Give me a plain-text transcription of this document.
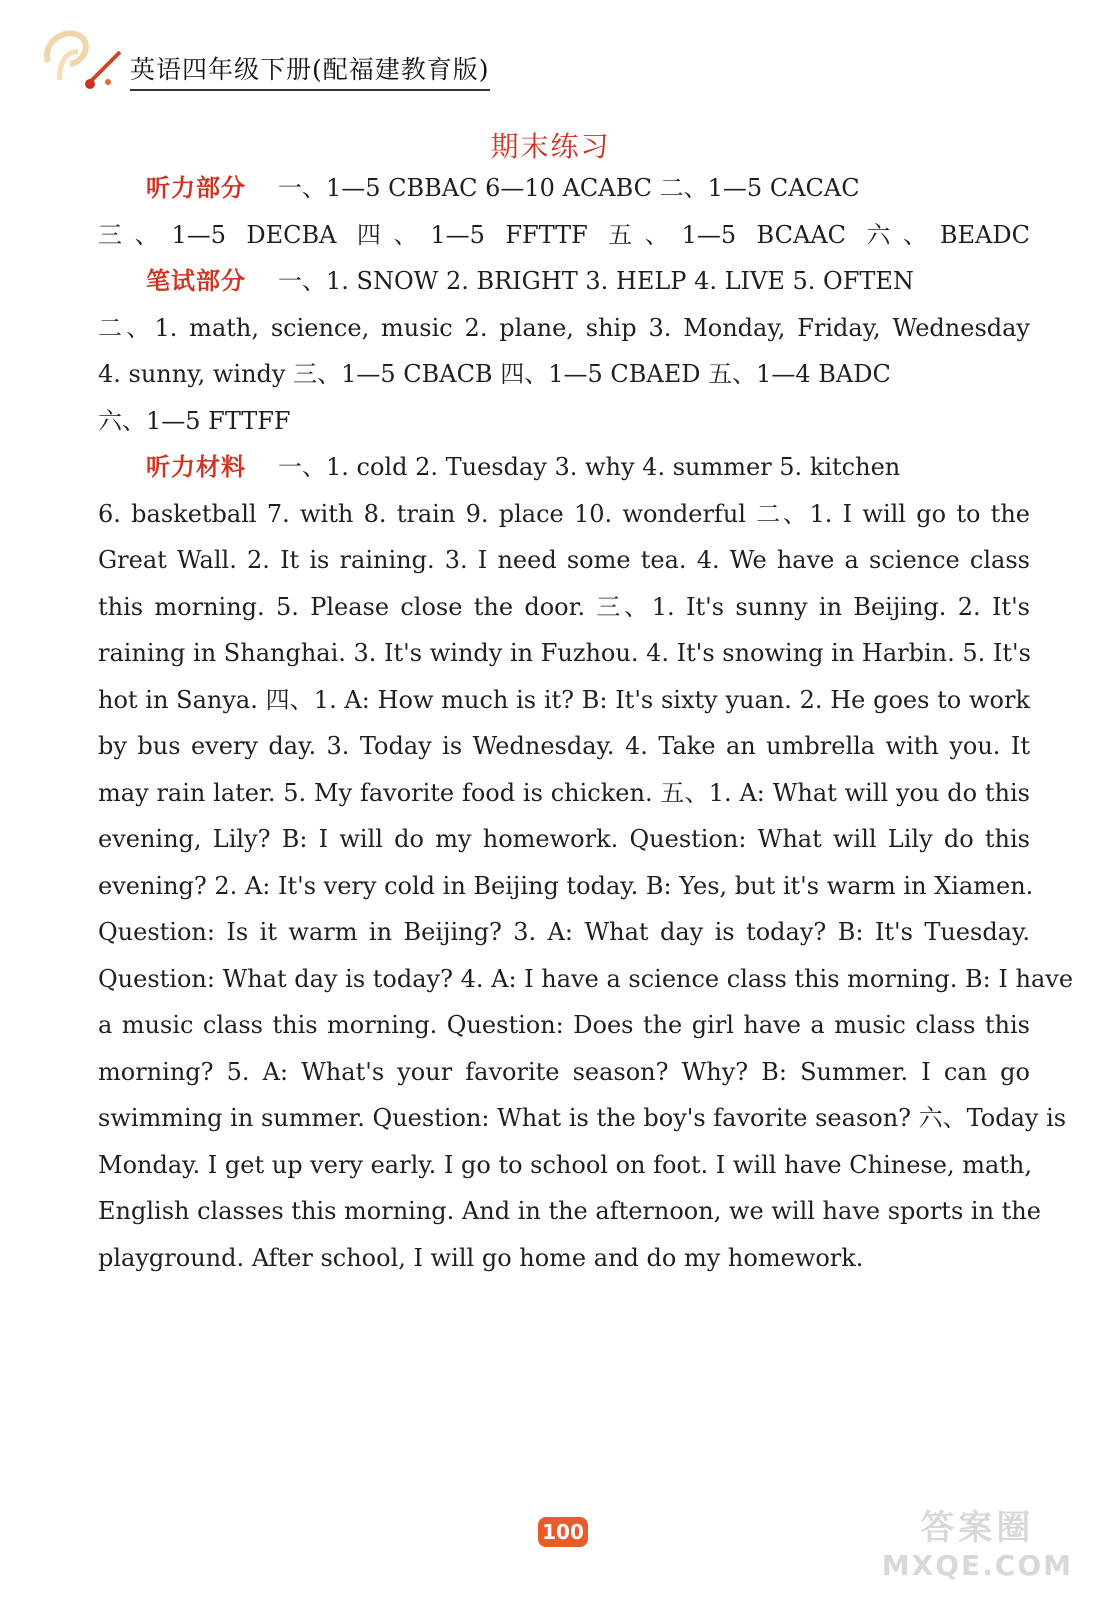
英语四年级下册(配福建教育版)
期末练习
听力部分 一、1—5 CBBAC 6—10 ACABC 二、1—5 CACAC
三、1—5 DECBA 四、1—5 FFTTF 五、1—5 BCAAC 六、BEADC
笔试部分 一、1. SNOW 2. BRIGHT 3. HELP 4. LIVE 5. OFTEN
二、1. math, science, music 2. plane, ship 3. Monday, Friday, Wednesday
4. sunny, windy 三、1—5 CBACB 四、1—5 CBAED 五、1—4 BADC
六、1—5 FTTFF
听力材料 一、1. cold 2. Tuesday 3. why 4. summer 5. kitchen
6. basketball 7. with 8. train 9. place 10. wonderful 二、1. I will go to the
Great Wall. 2. It is raining. 3. I need some tea. 4. We have a science class
this morning. 5. Please close the door. 三、1. It's sunny in Beijing. 2. It's
raining in Shanghai. 3. It's windy in Fuzhou. 4. It's snowing in Harbin. 5. It's
hot in Sanya. 四、1. A: How much is it? B: It's sixty yuan. 2. He goes to work
by bus every day. 3. Today is Wednesday. 4. Take an umbrella with you. It
may rain later. 5. My favorite food is chicken. 五、1. A: What will you do this
evening, Lily? B: I will do my homework. Question: What will Lily do this
evening? 2. A: It's very cold in Beijing today. B: Yes, but it's warm in Xiamen.
Question: Is it warm in Beijing? 3. A: What day is today? B: It's Tuesday.
Question: What day is today? 4. A: I have a science class this morning. B: I have
a music class this morning. Question: Does the girl have a music class this
morning? 5. A: What's your favorite season? Why? B: Summer. I can go
swimming in summer. Question: What is the boy's favorite season? 六、Today is
Monday. I get up very early. I go to school on foot. I will have Chinese, math,
English classes this morning. And in the afternoon, we will have sports in the
playground. After school, I will go home and do my homework.
100	答案圈
MXQE.COM
